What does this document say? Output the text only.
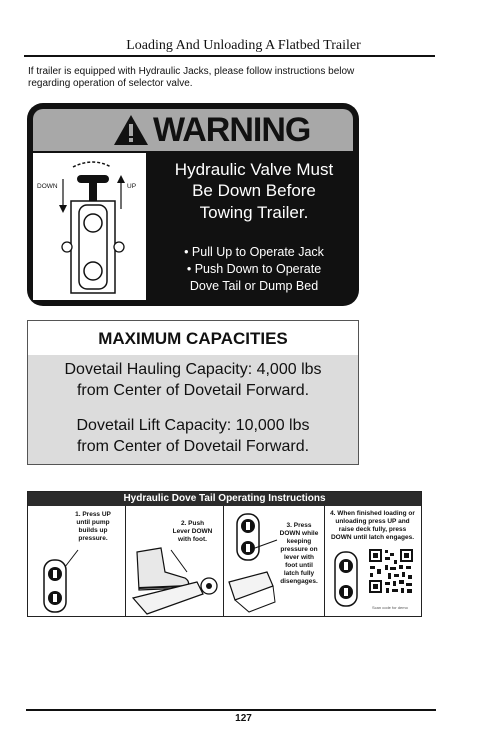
Loading And Unloading A Flatbed Trailer
If trailer is equipped with Hydraulic Jacks, please follow instructions below
regarding operation of selector valve.
WARNING
DOWN	UP
Hydraulic Valve Must
Be Down Before
Towing Trailer.
• Pull Up to Operate Jack
• Push Down to Operate
Dove Tail or Dump Bed
MAXIMUM CAPACITIES
Dovetail Hauling Capacity: 4,000 lbs
from Center of Dovetail Forward.
Dovetail Lift Capacity: 10,000 lbs
from Center of Dovetail Forward.
Hydraulic Dove Tail Operating Instructions
1. Press UP
until pump
builds up
pressure.
2. Push
Lever DOWN
with foot.
3. Press
DOWN while
keeping
pressure on
lever with
foot until
latch fully
disengages.
4. When finished loading or
unloading press UP and
raise deck fully, press
DOWN until latch engages.
Scan code for demo
127
